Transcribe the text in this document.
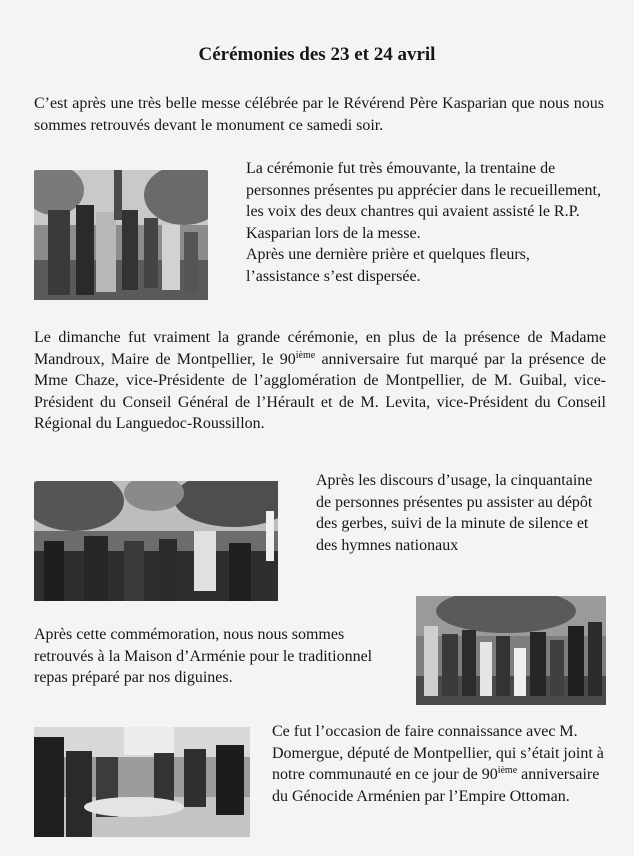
Cérémonies des 23 et 24 avril

C’est après une très belle messe célébrée par le Révérend Père Kasparian que nous nous sommes retrouvés devant le monument ce samedi soir.

La cérémonie fut très émouvante, la trentaine de personnes présentes pu apprécier dans le recueillement, les voix des deux chantres qui avaient assisté le R.P. Kasparian lors de la messe.

Après une dernière prière et quelques fleurs, l’assistance s’est dispersée.

Le dimanche fut vraiment la grande cérémonie, en plus de la présence de Madame Mandroux, Maire de Montpellier, le 90ième anniversaire fut marqué par la présence de Mme Chaze, vice-Présidente de l’agglomération de Montpellier, de M. Guibal, vice-Président du Conseil Général de l’Hérault et de M. Levita, vice-Président du Conseil Régional du Languedoc-Roussillon.

Après les discours d’usage, la cinquantaine de personnes présentes pu assister au dépôt des gerbes, suivi de la minute de silence et des hymnes nationaux

Après cette commémoration, nous nous sommes retrouvés à la Maison d’Arménie pour le traditionnel repas préparé par nos diguines.

Ce fut l’occasion de faire connaissance avec M. Domergue, député de Montpellier, qui s’était joint à notre communauté en ce jour de 90ième anniversaire du Génocide Arménien par l’Empire Ottoman.
